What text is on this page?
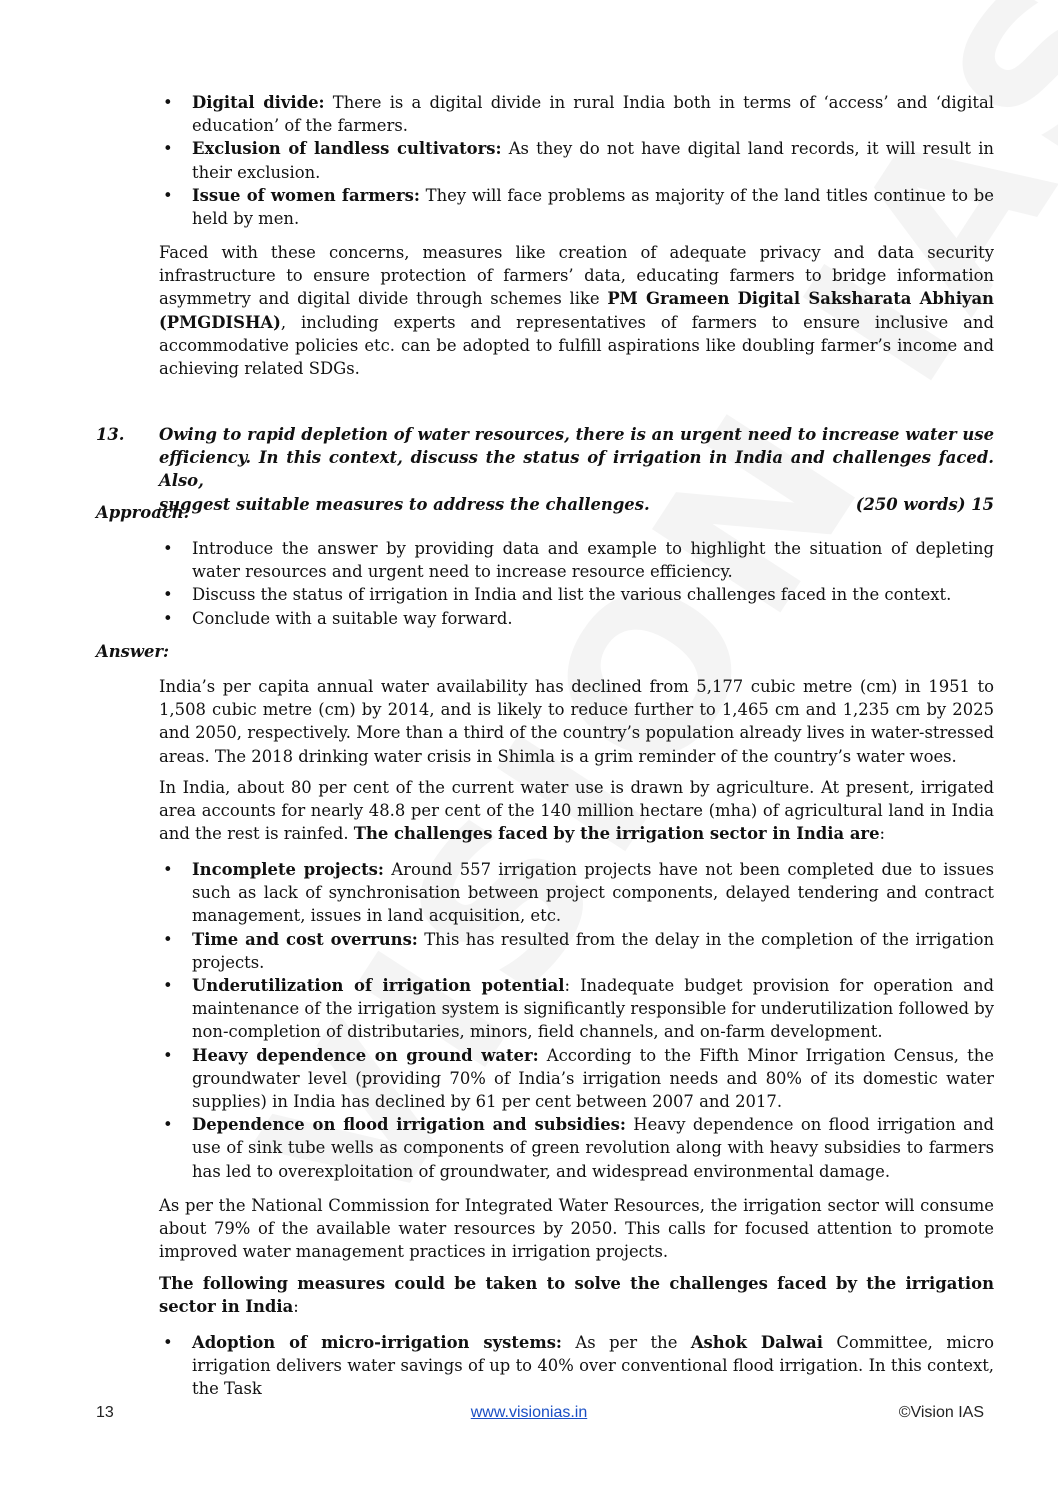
• Digital divide: There is a digital divide in rural India both in terms of ‘access’ and ‘digital education’ of the farmers.
• Exclusion of landless cultivators: As they do not have digital land records, it will result in their exclusion.
• Issue of women farmers: They will face problems as majority of the land titles continue to be held by men.

Faced with these concerns, measures like creation of adequate privacy and data security infrastructure to ensure protection of farmers’ data, educating farmers to bridge information asymmetry and digital divide through schemes like PM Grameen Digital Saksharata Abhiyan (PMGDISHA), including experts and representatives of farmers to ensure inclusive and accommodative policies etc. can be adopted to fulfill aspirations like doubling farmer’s income and achieving related SDGs.

13. Owing to rapid depletion of water resources, there is an urgent need to increase water use efficiency. In this context, discuss the status of irrigation in India and challenges faced. Also,
suggest suitable measures to address the challenges.	(250 words) 15
Approach:
• Introduce the answer by providing data and example to highlight the situation of depleting water resources and urgent need to increase resource efficiency.
• Discuss the status of irrigation in India and list the various challenges faced in the context.
• Conclude with a suitable way forward.
Answer:

India’s per capita annual water availability has declined from 5,177 cubic metre (cm) in 1951 to 1,508 cubic metre (cm) by 2014, and is likely to reduce further to 1,465 cm and 1,235 cm by 2025 and 2050, respectively. More than a third of the country’s population already lives in water-stressed areas. The 2018 drinking water crisis in Shimla is a grim reminder of the country’s water woes.

In India, about 80 per cent of the current water use is drawn by agriculture. At present, irrigated area accounts for nearly 48.8 per cent of the 140 million hectare (mha) of agricultural land in India and the rest is rainfed. The challenges faced by the irrigation sector in India are:

• Incomplete projects: Around 557 irrigation projects have not been completed due to issues such as lack of synchronisation between project components, delayed tendering and contract management, issues in land acquisition, etc.
• Time and cost overruns: This has resulted from the delay in the completion of the irrigation projects.
• Underutilization of irrigation potential: Inadequate budget provision for operation and maintenance of the irrigation system is significantly responsible for underutilization followed by non-completion of distributaries, minors, field channels, and on-farm development.
• Heavy dependence on ground water: According to the Fifth Minor Irrigation Census, the groundwater level (providing 70% of India’s irrigation needs and 80% of its domestic water supplies) in India has declined by 61 per cent between 2007 and 2017.
• Dependence on flood irrigation and subsidies: Heavy dependence on flood irrigation and use of sink tube wells as components of green revolution along with heavy subsidies to farmers has led to overexploitation of groundwater, and widespread environmental damage.

As per the National Commission for Integrated Water Resources, the irrigation sector will consume about 79% of the available water resources by 2050. This calls for focused attention to promote improved water management practices in irrigation projects.

The following measures could be taken to solve the challenges faced by the irrigation sector in India:

• Adoption of micro-irrigation systems: As per the Ashok Dalwai Committee, micro irrigation delivers water savings of up to 40% over conventional flood irrigation. In this context, the Task
13	www.visionias.in	©Vision IAS
